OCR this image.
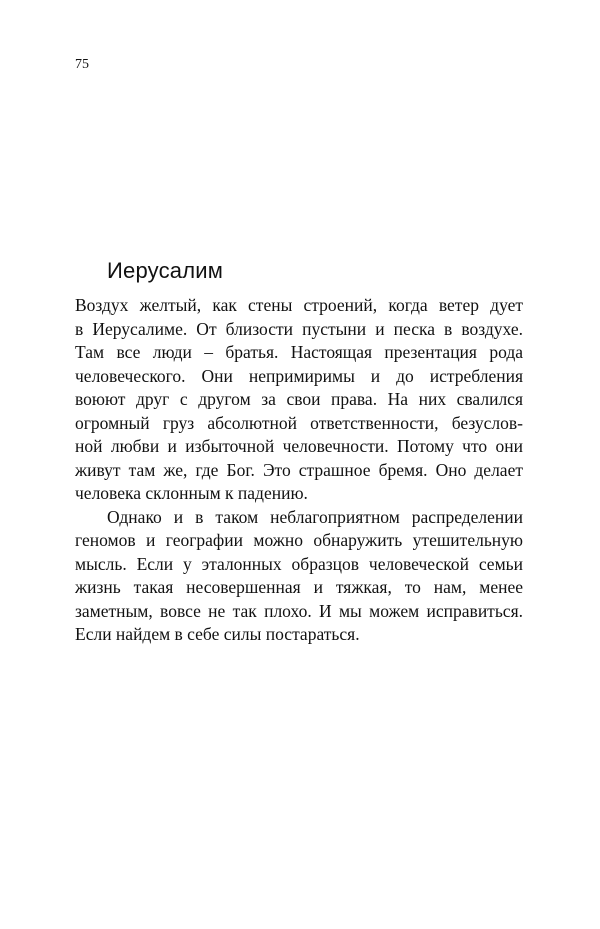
75
Иерусалим

Воздух желтый, как стены строений, когда ветер дует
в Иерусалиме. От близости пустыни и песка в воздухе.
Там все люди – братья. Настоящая презентация рода
человеческого. Они непримиримы и до истребления
воюют друг с другом за свои права. На них свалился
огромный груз абсолютной ответственности, безуслов-
ной любви и избыточной человечности. Потому что они
живут там же, где Бог. Это страшное бремя. Оно делает
человека склонным к падению.

Однако и в таком неблагоприятном распределении
геномов и географии можно обнаружить утешительную
мысль. Если у эталонных образцов человеческой семьи
жизнь такая несовершенная и тяжкая, то нам, менее
заметным, вовсе не так плохо. И мы можем исправиться.
Если найдем в себе силы постараться.
